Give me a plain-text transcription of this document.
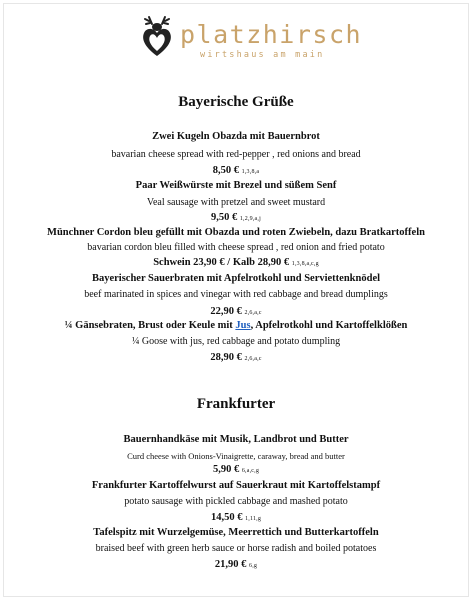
platzhirsch
wirtshaus am main
Bayerische Grüße
Zwei Kugeln Obazda mit Bauernbrot
bavarian cheese spread with red-pepper , red onions and bread
8,50 € 1,3,8,a
Paar Weißwürste mit Brezel und süßem Senf
Veal sausage with pretzel and sweet mustard
9,50 € 1,2,9,a,j
Münchner Cordon bleu gefüllt mit Obazda und roten Zwiebeln, dazu Bratkartoffeln
bavarian cordon bleu filled with cheese spread , red onion and fried potato
Schwein 23,90 € / Kalb 28,90 € 1,3,8,a,c,g
Bayerischer Sauerbraten mit Apfelrotkohl und Serviettenknödel
beef marinated in spices and vinegar with red cabbage and bread dumplings
22,90 € 2,6,a,c
¼ Gänsebraten, Brust oder Keule mit Jus, Apfelrotkohl und Kartoffelklößen
¼ Goose with jus, red cabbage and potato dumpling
28,90 € 2,6,a,c
Frankfurter
Bauernhandkäse mit Musik, Landbrot und Butter
Curd cheese with Onions-Vinaigrette, caraway, bread and butter
5,90 € 6,a,c,g
Frankfurter Kartoffelwurst auf Sauerkraut mit Kartoffelstampf
potato sausage with pickled cabbage and mashed potato
14,50 € 1,11,g
Tafelspitz mit Wurzelgemüse, Meerrettich und Butterkartoffeln
braised beef with green herb sauce or horse radish and boiled potatoes
21,90 € 6,g
